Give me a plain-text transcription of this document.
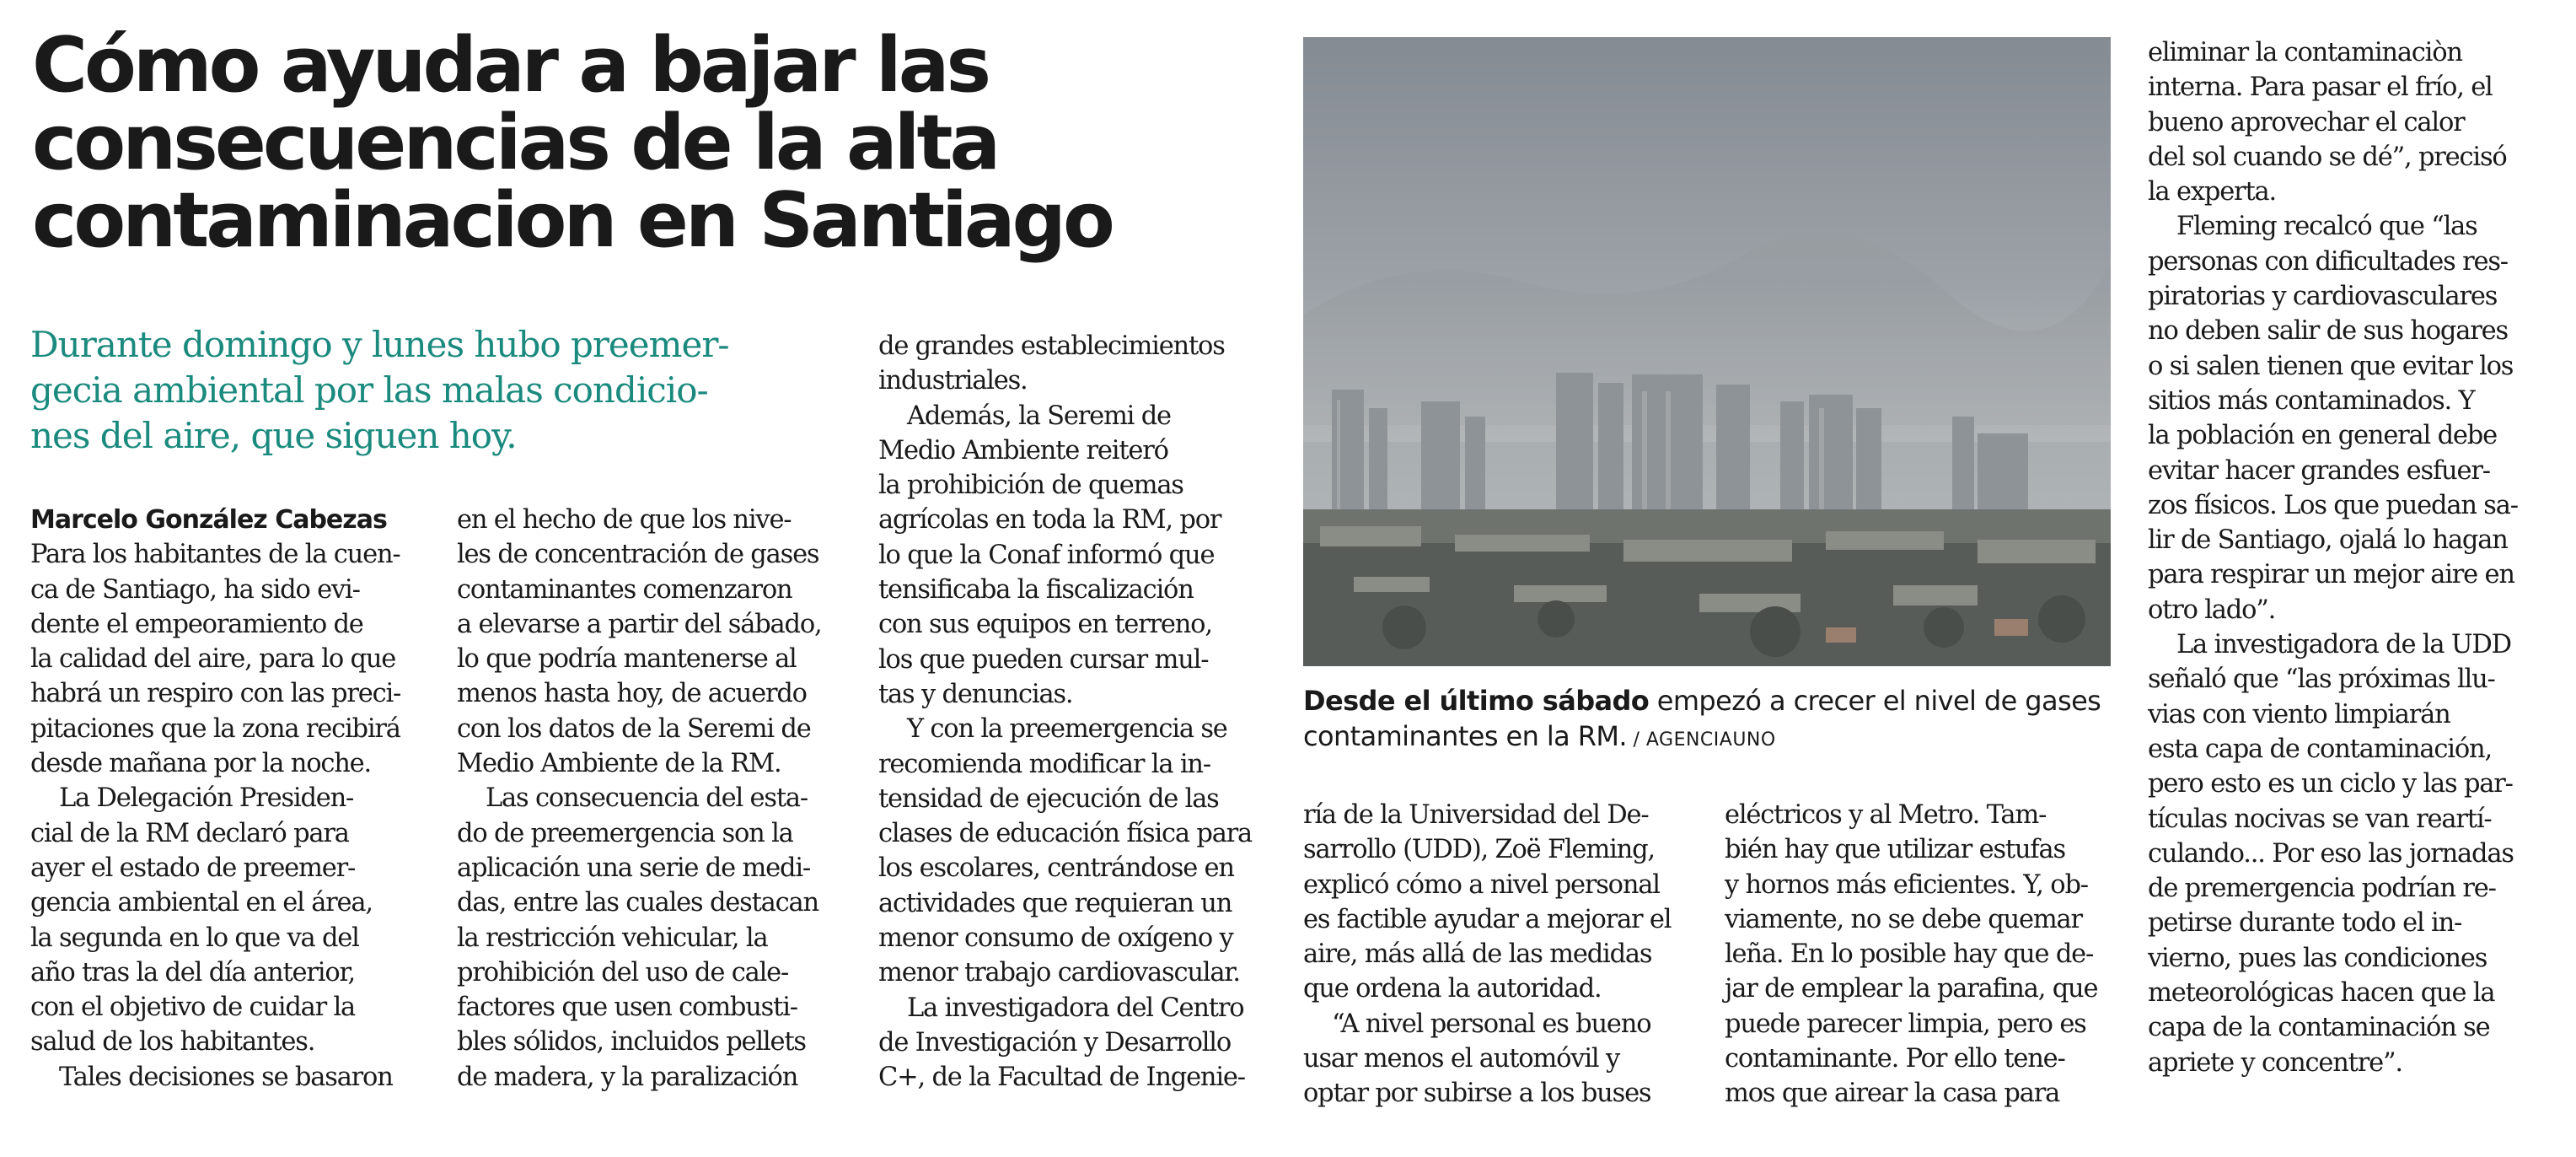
Cómo ayudar a bajar las
consecuencias de la alta
contaminacion en Santiago

Durante domingo y lunes hubo preemer-
gecia ambiental por las malas condicio-
nes del aire, que siguen hoy.

Marcelo González Cabezas
Para los habitantes de la cuen-
ca de Santiago, ha sido evi-
dente el empeoramiento de
la calidad del aire, para lo que
habrá un respiro con las preci-
pitaciones que la zona recibirá
desde mañana por la noche.
La Delegación Presiden-
cial de la RM declaró para
ayer el estado de preemer-
gencia ambiental en el área,
la segunda en lo que va del
año tras la del día anterior,
con el objetivo de cuidar la
salud de los habitantes.
Tales decisiones se basaron
en el hecho de que los nive-
les de concentración de gases
contaminantes comenzaron
a elevarse a partir del sábado,
lo que podría mantenerse al
menos hasta hoy, de acuerdo
con los datos de la Seremi de
Medio Ambiente de la RM.
Las consecuencia del esta-
do de preemergencia son la
aplicación una serie de medi-
das, entre las cuales destacan
la restricción vehicular, la
prohibición del uso de cale-
factores que usen combusti-
bles sólidos, incluidos pellets
de madera, y la paralización
de grandes establecimientos
industriales.
Además, la Seremi de
Medio Ambiente reiteró
la prohibición de quemas
agrícolas en toda la RM, por
lo que la Conaf informó que
tensificaba la fiscalización
con sus equipos en terreno,
los que pueden cursar mul-
tas y denuncias.
Y con la preemergencia se
recomienda modificar la in-
tensidad de ejecución de las
clases de educación física para
los escolares, centrándose en
actividades que requieran un
menor consumo de oxígeno y
menor trabajo cardiovascular.
La investigadora del Centro
de Investigación y Desarrollo
C+, de la Facultad de Ingenie-
Desde el último sábado empezó a crecer el nivel de gases
contaminantes en la RM. / AGENCIAUNO
ría de la Universidad del De-
sarrollo (UDD), Zoë Fleming,
explicó cómo a nivel personal
es factible ayudar a mejorar el
aire, más allá de las medidas
que ordena la autoridad.
“A nivel personal es bueno
usar menos el automóvil y
optar por subirse a los buses
eléctricos y al Metro. Tam-
bién hay que utilizar estufas
y hornos más eficientes. Y, ob-
viamente, no se debe quemar
leña. En lo posible hay que de-
jar de emplear la parafina, que
puede parecer limpia, pero es
contaminante. Por ello tene-
mos que airear la casa para
eliminar la contaminaciòn
interna. Para pasar el frío, el
bueno aprovechar el calor
del sol cuando se dé”, precisó
la experta.
Fleming recalcó que “las
personas con dificultades res-
piratorias y cardiovasculares
no deben salir de sus hogares
o si salen tienen que evitar los
sitios más contaminados. Y
la población en general debe
evitar hacer grandes esfuer-
zos físicos. Los que puedan sa-
lir de Santiago, ojalá lo hagan
para respirar un mejor aire en
otro lado”.
La investigadora de la UDD
señaló que “las próximas llu-
vias con viento limpiarán
esta capa de contaminación,
pero esto es un ciclo y las par-
tículas nocivas se van reartí-
culando... Por eso las jornadas
de premergencia podrían re-
petirse durante todo el in-
vierno, pues las condiciones
meteorológicas hacen que la
capa de la contaminación se
apriete y concentre”.
